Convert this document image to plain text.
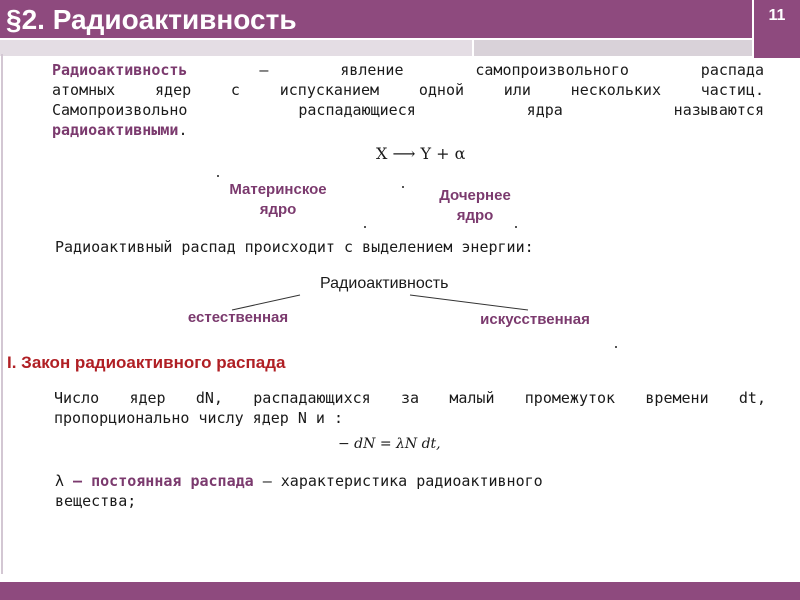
§2. Радиоактивность	11
Радиоактивность – явление самопроизвольного распада
атомных ядер с испусканием одной или нескольких частиц.
Самопроизвольно распадающиеся ядра называются
радиоактивными.
X ⟶ Y + α
Материнское ядро
Дочернее ядро
Радиоактивный распад происходит с выделением энергии:
Радиоактивность
естественная	искусственная
I. Закон радиоактивного распада
Число ядер dN, распадающихся за малый промежуток времени dt,
пропорционально числу ядер N и :
− dN = λN dt,
λ – постоянная распада – характеристика радиоактивного
вещества;
